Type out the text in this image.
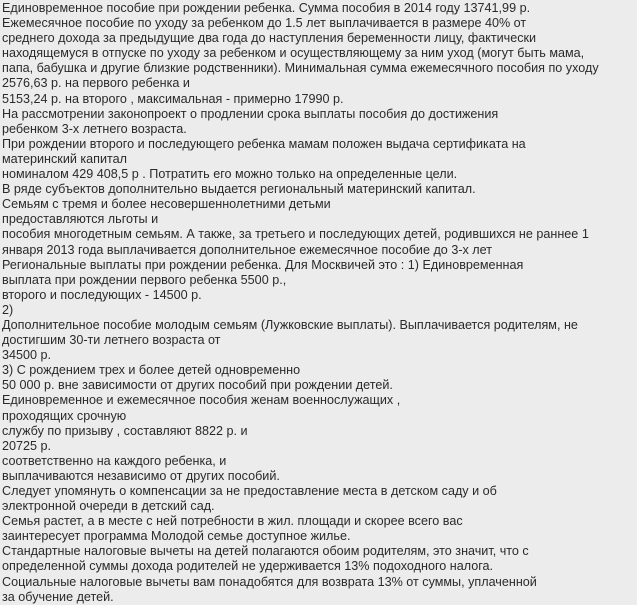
Единовременное пособие при рождении ребенка. Сумма пособия в 2014 году 13741,99 р.
Ежемесячное пособие по уходу за ребенком до 1.5 лет выплачивается в размере 40% от
среднего дохода за предыдущие два года до наступления беременности лицу, фактически
находящемуся в отпуске по уходу за ребенком и осуществляющему за ним уход (могут быть мама,
папа, бабушка и другие близкие родственники). Минимальная сумма ежемесячного пособия по уходу
2576,63 р. на первого ребенка и
5153,24 р. на второго , максимальная - примерно 17990 р.
На рассмотрении законопроект о продлении срока выплаты пособия до достижения
ребенком 3-х летнего возраста.
При рождении второго и последующего ребенка мамам положен выдача сертификата на
материнский капитал
номиналом 429 408,5 р . Потратить его можно только на определенные цели.
В ряде субъектов дополнительно выдается региональный материнский капитал.
Семьям с тремя и более несовершеннолетними детьми
предоставляются льготы и
пособия многодетным семьям. А также, за третьего и последующих детей, родившихся не раннее 1
января 2013 года выплачивается дополнительное ежемесячное пособие до 3-х лет
Региональные выплаты при рождении ребенка. Для Москвичей это : 1) Единовременная
выплата при рождении первого ребенка 5500 р.,
второго и последующих - 14500 р.
2)
Дополнительное пособие молодым семьям (Лужковские выплаты). Выплачивается родителям, не
достигшим 30-ти летнего возраста от
34500 р.
3) С рождением трех и более детей одновременно
50 000 р. вне зависимости от других пособий при рождении детей.
Единовременное и ежемесячное пособия женам военнослужащих ,
проходящих срочную
службу по призыву , составляют 8822 р. и
20725 р.
соответственно на каждого ребенка, и
выплачиваются независимо от других пособий.
Следует упомянуть о компенсации за не предоставление места в детском саду и об
электронной очереди в детский сад.
Семья растет, а в месте с ней потребности в жил. площади и скорее всего вас
заинтересует программа Молодой семье доступное жилье.
Стандартные налоговые вычеты на детей полагаются обоим родителям, это значит, что с
определенной суммы дохода родителей не удерживается 13% подоходного налога.
Социальные налоговые вычеты вам понадобятся для возврата 13% от суммы, уплаченной
за обучение детей.
